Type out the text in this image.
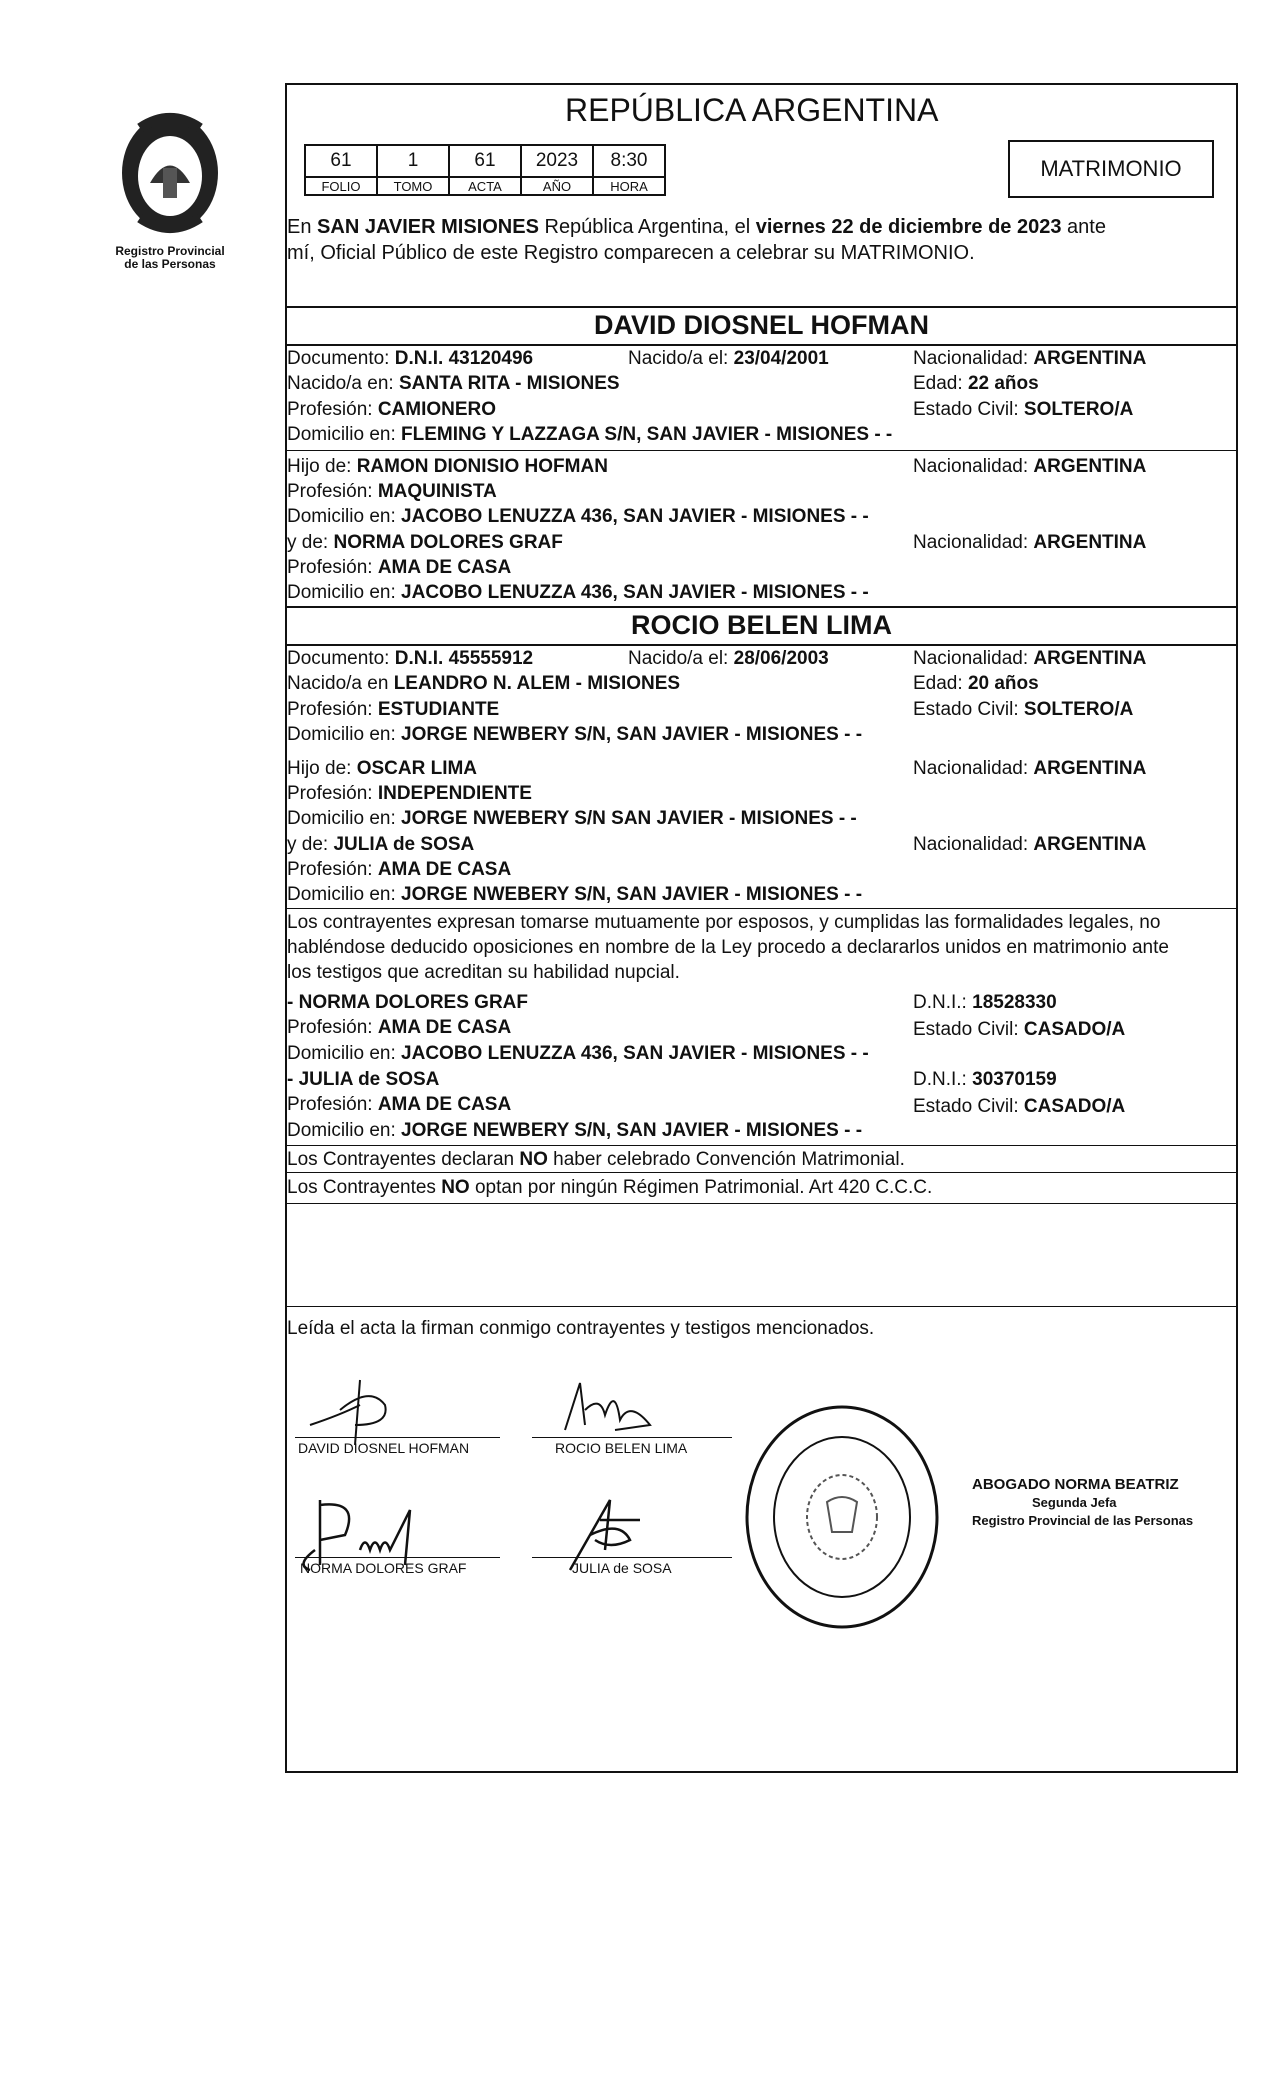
Registro Provincial
de las Personas
REPÚBLICA ARGENTINA
61	1	61	2023	8:30
FOLIO	TOMO	ACTA	AÑO	HORA
MATRIMONIO
En SAN JAVIER MISIONES República Argentina, el viernes 22 de diciembre de 2023 ante
mí, Oficial Público de este Registro comparecen a celebrar su MATRIMONIO.
DAVID DIOSNEL HOFMAN
Documento: D.N.I. 43120496	Nacido/a el: 23/04/2001	Nacionalidad: ARGENTINA
Nacido/a en: SANTA RITA - MISIONES	Edad: 22 años
Profesión: CAMIONERO	Estado Civil: SOLTERO/A
Domicilio en: FLEMING Y LAZZAGA S/N, SAN JAVIER - MISIONES - -
Hijo de: RAMON DIONISIO HOFMAN	Nacionalidad: ARGENTINA
Profesión: MAQUINISTA
Domicilio en: JACOBO LENUZZA 436, SAN JAVIER - MISIONES - -
y de: NORMA DOLORES GRAF	Nacionalidad: ARGENTINA
Profesión: AMA DE CASA
Domicilio en: JACOBO LENUZZA 436, SAN JAVIER - MISIONES - -
ROCIO BELEN LIMA
Documento: D.N.I. 45555912	Nacido/a el: 28/06/2003	Nacionalidad: ARGENTINA
Nacido/a en LEANDRO N. ALEM - MISIONES	Edad: 20 años
Profesión: ESTUDIANTE	Estado Civil: SOLTERO/A
Domicilio en: JORGE NEWBERY S/N, SAN JAVIER - MISIONES - -
Hijo de: OSCAR LIMA	Nacionalidad: ARGENTINA
Profesión: INDEPENDIENTE
Domicilio en: JORGE NWEBERY S/N SAN JAVIER - MISIONES - -
y de: JULIA de SOSA	Nacionalidad: ARGENTINA
Profesión: AMA DE CASA
Domicilio en: JORGE NWEBERY S/N, SAN JAVIER - MISIONES - -
Los contrayentes expresan tomarse mutuamente por esposos, y cumplidas las formalidades legales, no
habléndose deducido oposiciones en nombre de la Ley procedo a declararlos unidos en matrimonio ante
los testigos que acreditan su habilidad nupcial.
- NORMA DOLORES GRAF	D.N.I.: 18528330
Profesión: AMA DE CASA	Estado Civil: CASADO/A
Domicilio en: JACOBO LENUZZA 436, SAN JAVIER - MISIONES - -
- JULIA de SOSA	D.N.I.: 30370159
Profesión: AMA DE CASA	Estado Civil: CASADO/A
Domicilio en: JORGE NEWBERY S/N, SAN JAVIER - MISIONES - -
Los Contrayentes declaran NO haber celebrado Convención Matrimonial.
Los Contrayentes NO optan por ningún Régimen Patrimonial. Art 420 C.C.C.
Leída el acta la firman conmigo contrayentes y testigos mencionados.
DAVID DIOSNEL HOFMAN	ROCIO BELEN LIMA
NORMA DOLORES GRAF	JULIA de SOSA
ABOGADO NORMA BEATRIZ
Segunda Jefa
Registro Provincial de las Personas
